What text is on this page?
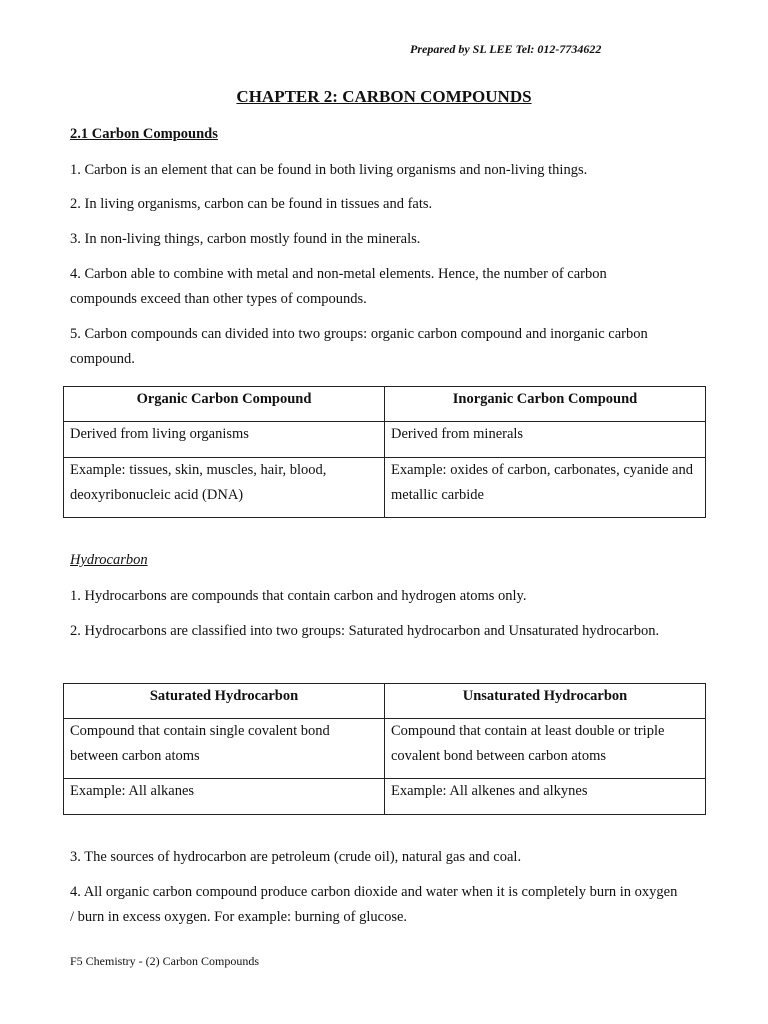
Prepared by SL LEE Tel: 012-7734622
CHAPTER 2: CARBON COMPOUNDS
2.1 Carbon Compounds

1. Carbon is an element that can be found in both living organisms and non-living things.

2. In living organisms, carbon can be found in tissues and fats.

3. In non-living things, carbon mostly found in the minerals.

4. Carbon able to combine with metal and non-metal elements. Hence, the number of carbon compounds exceed than other types of compounds.

5. Carbon compounds can divided into two groups: organic carbon compound and inorganic carbon compound.

Organic Carbon Compound	Inorganic Carbon Compound
Derived from living organisms	Derived from minerals
Example: tissues, skin, muscles, hair, blood, deoxyribonucleic acid (DNA)	Example: oxides of carbon, carbonates, cyanide and metallic carbide
Hydrocarbon

1. Hydrocarbons are compounds that contain carbon and hydrogen atoms only.

2. Hydrocarbons are classified into two groups: Saturated hydrocarbon and Unsaturated hydrocarbon.

Saturated Hydrocarbon	Unsaturated Hydrocarbon
Compound that contain single covalent bond between carbon atoms	Compound that contain at least double or triple covalent bond between carbon atoms
Example: All alkanes	Example: All alkenes and alkynes

3. The sources of hydrocarbon are petroleum (crude oil), natural gas and coal.

4. All organic carbon compound produce carbon dioxide and water when it is completely burn in oxygen / burn in excess oxygen. For example: burning of glucose.

F5 Chemistry - (2) Carbon Compounds
